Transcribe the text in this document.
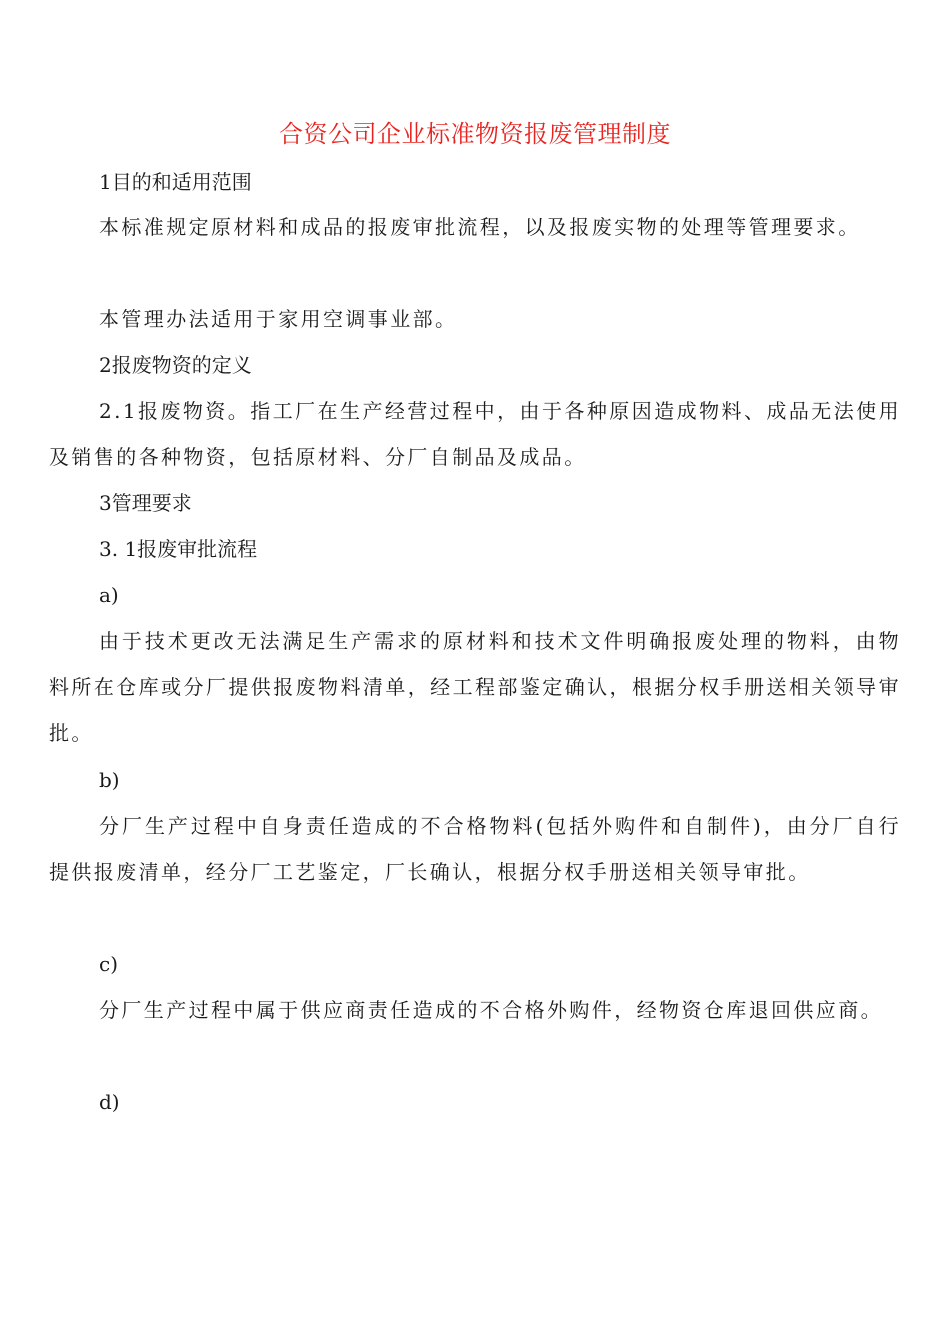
合资公司企业标准物资报废管理制度

1目的和适用范围

本标准规定原材料和成品的报废审批流程，以及报废实物的处理等管理要求。

本管理办法适用于家用空调事业部。

2报废物资的定义

2.1报废物资。指工厂在生产经营过程中，由于各种原因造成物料、成品无法使用及销售的各种物资，包括原材料、分厂自制品及成品。

3管理要求

3. 1报废审批流程

a)

由于技术更改无法满足生产需求的原材料和技术文件明确报废处理的物料，由物料所在仓库或分厂提供报废物料清单，经工程部鉴定确认，根据分权手册送相关领导审批。

b)

分厂生产过程中自身责任造成的不合格物料(包括外购件和自制件)，由分厂自行提供报废清单，经分厂工艺鉴定，厂长确认，根据分权手册送相关领导审批。

c)

分厂生产过程中属于供应商责任造成的不合格外购件，经物资仓库退回供应商。

d)
